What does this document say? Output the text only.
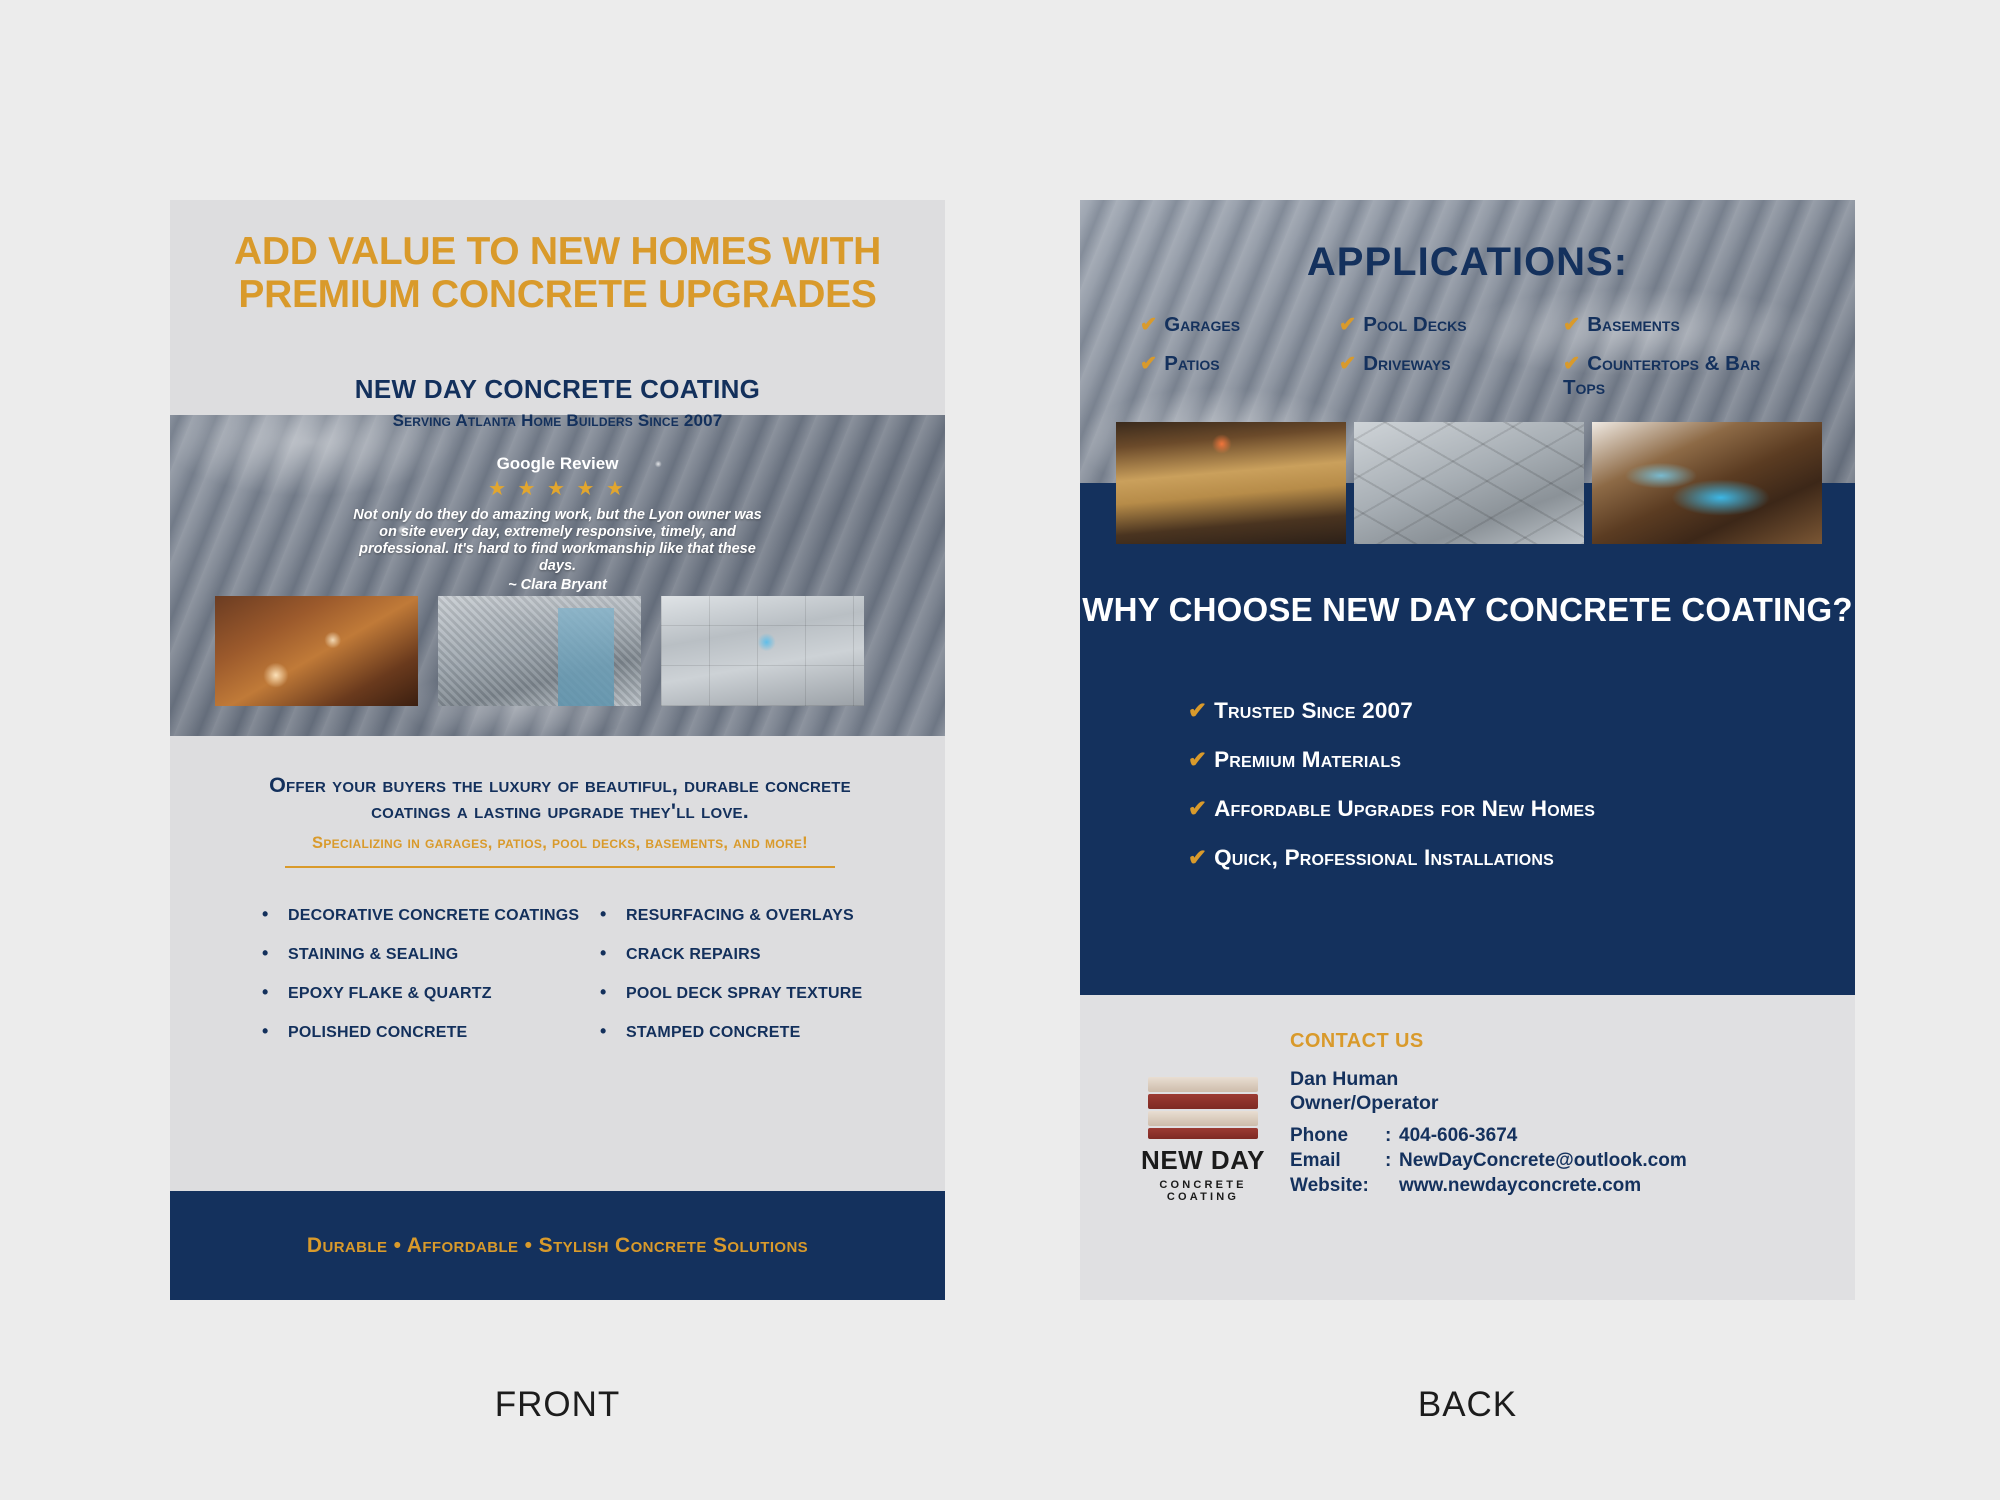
ADD VALUE TO NEW HOMES WITH PREMIUM CONCRETE UPGRADES
NEW DAY CONCRETE COATING
Serving Atlanta Home Builders Since 2007
Google Review
★ ★ ★ ★ ★
Not only do they do amazing work, but the Lyon owner was on site every day, extremely responsive, timely, and professional. It's hard to find workmanship like that these days.
~ Clara Bryant
Offer your buyers the luxury of beautiful, durable concrete coatings a lasting upgrade they'll love.
Specializing in garages, patios, pool decks, basements, and more!
•	DECORATIVE CONCRETE COATINGS
•	STAINING & SEALING
•	EPOXY FLAKE & QUARTZ
•	POLISHED CONCRETE
•	RESURFACING & OVERLAYS
•	CRACK REPAIRS
•	POOL DECK SPRAY TEXTURE
•	STAMPED CONCRETE
Durable • Affordable • Stylish Concrete Solutions
FRONT
APPLICATIONS:
✔ Garages	✔ Pool Decks	✔ Basements
✔ Patios	✔ Driveways	✔ Countertops & Bar Tops
WHY CHOOSE NEW DAY CONCRETE COATING?
✔ Trusted Since 2007
✔ Premium Materials
✔ Affordable Upgrades for New Homes
✔ Quick, Professional Installations
NEW DAY
CONCRETE COATING
CONTACT US
Dan Human
Owner/Operator
Phone	: 404-606-3674
Email	: NewDayConcrete@outlook.com
Website:	www.newdayconcrete.com
BACK
